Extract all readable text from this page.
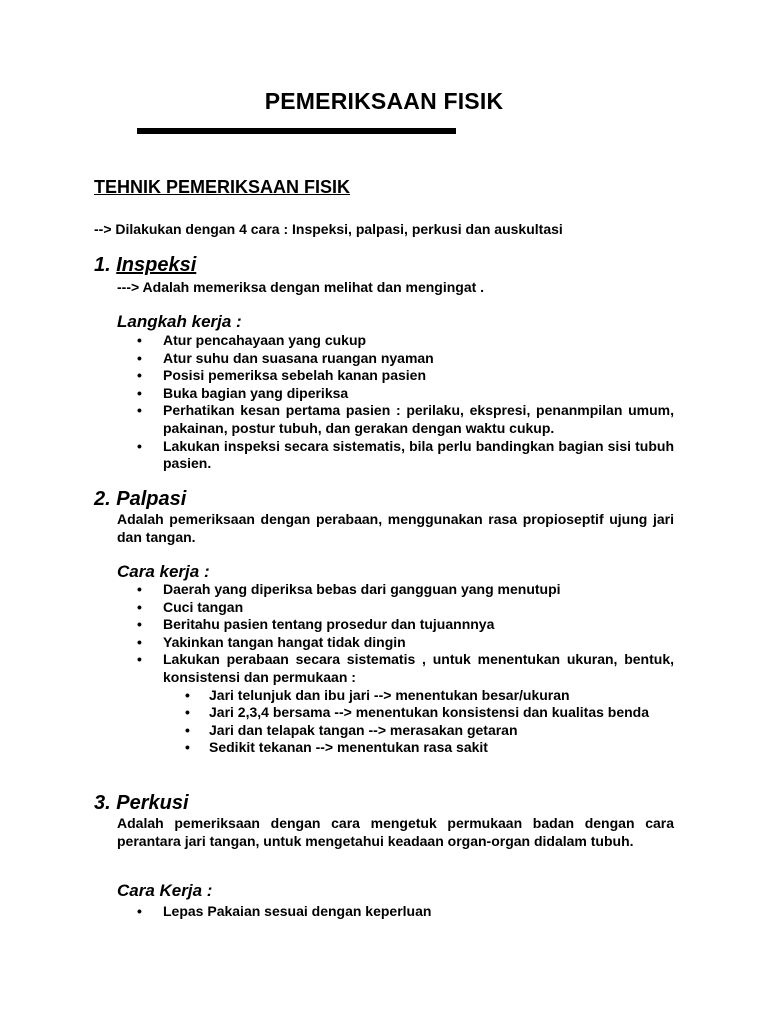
PEMERIKSAAN FISIK
TEHNIK PEMERIKSAAN FISIK

--> Dilakukan dengan 4 cara : Inspeksi, palpasi, perkusi dan auskultasi

1. Inspeksi

---> Adalah memeriksa dengan melihat dan mengingat .

Langkah kerja :
• Atur pencahayaan yang cukup
• Atur suhu dan suasana ruangan nyaman
• Posisi pemeriksa sebelah kanan pasien
• Buka bagian yang diperiksa
• Perhatikan kesan pertama pasien : perilaku, ekspresi, penanmpilan umum, pakainan, postur tubuh, dan gerakan dengan waktu cukup.
• Lakukan inspeksi secara sistematis, bila perlu bandingkan bagian sisi tubuh pasien.
2. Palpasi

Adalah pemeriksaan dengan perabaan, menggunakan rasa propioseptif ujung jari dan tangan.

Cara kerja :
• Daerah yang diperiksa bebas dari gangguan yang menutupi
• Cuci tangan
• Beritahu pasien tentang prosedur dan tujuannnya
• Yakinkan tangan hangat tidak dingin
• Lakukan perabaan secara sistematis , untuk menentukan ukuran, bentuk, konsistensi dan permukaan :
• Jari telunjuk dan ibu jari --> menentukan besar/ukuran
• Jari 2,3,4 bersama --> menentukan konsistensi dan kualitas benda
• Jari dan telapak tangan --> merasakan getaran
• Sedikit tekanan --> menentukan rasa sakit
3. Perkusi

Adalah pemeriksaan dengan cara mengetuk permukaan badan dengan cara perantara jari tangan, untuk mengetahui keadaan organ-organ didalam tubuh.

Cara Kerja :
• Lepas Pakaian sesuai dengan keperluan
